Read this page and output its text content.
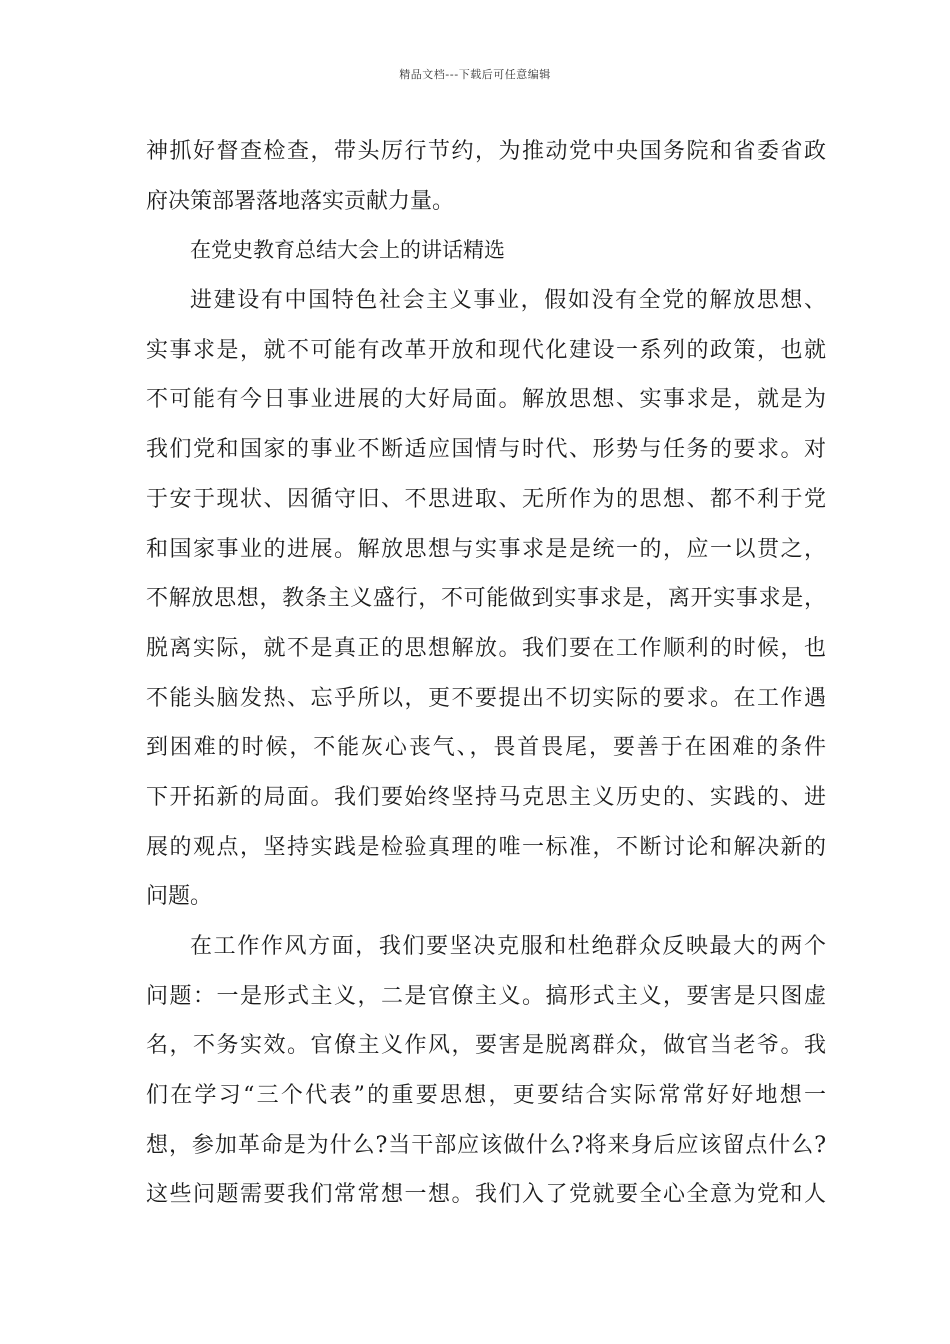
精品文档---下载后可任意编辑
神抓好督查检查，带头厉行节约，为推动党中央国务院和省委省政
府决策部署落地落实贡献力量。
在党史教育总结大会上的讲话精选
进建设有中国特色社会主义事业，假如没有全党的解放思想、
实事求是，就不可能有改革开放和现代化建设一系列的政策，也就
不可能有今日事业进展的大好局面。解放思想、实事求是，就是为
我们党和国家的事业不断适应国情与时代、形势与任务的要求。对
于安于现状、因循守旧、不思进取、无所作为的思想、都不利于党
和国家事业的进展。解放思想与实事求是是统一的，应一以贯之，
不解放思想，教条主义盛行，不可能做到实事求是，离开实事求是，
脱离实际，就不是真正的思想解放。我们要在工作顺利的时候，也
不能头脑发热、忘乎所以，更不要提出不切实际的要求。在工作遇
到困难的时候，不能灰心丧气、，畏首畏尾，要善于在困难的条件
下开拓新的局面。我们要始终坚持马克思主义历史的、实践的、进
展的观点，坚持实践是检验真理的唯一标准，不断讨论和解决新的
问题。
在工作作风方面，我们要坚决克服和杜绝群众反映最大的两个
问题：一是形式主义，二是官僚主义。搞形式主义，要害是只图虚
名，不务实效。官僚主义作风，要害是脱离群众，做官当老爷。我
们在学习“三个代表”的重要思想，更要结合实际常常好好地想一
想，参加革命是为什么?当干部应该做什么?将来身后应该留点什么?
这些问题需要我们常常想一想。我们入了党就要全心全意为党和人
